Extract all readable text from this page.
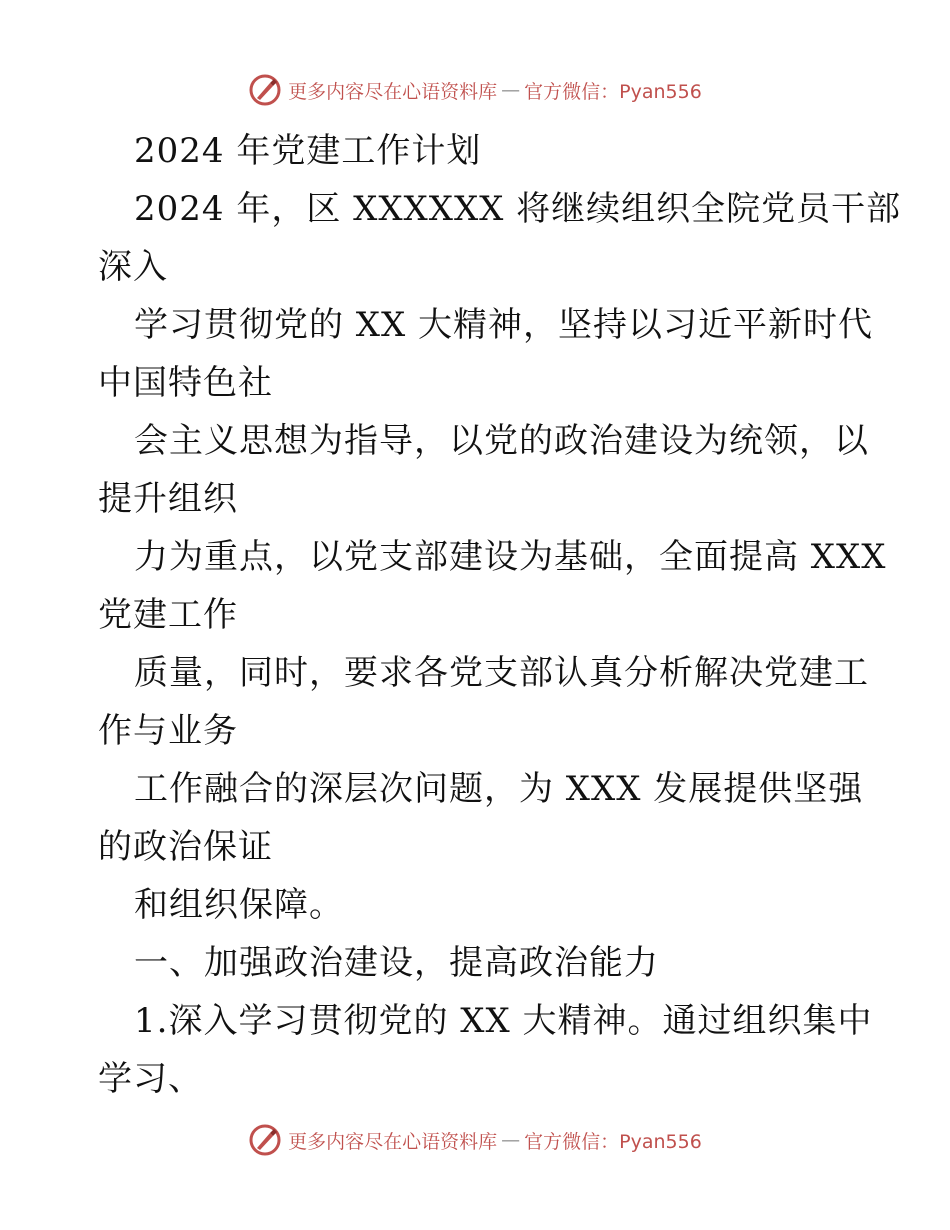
更多内容尽在心语资料库 — 官方微信：Pyan556
2024 年党建工作计划
2024 年，区 XXXXXX 将继续组织全院党员干部
深入
学习贯彻党的 XX 大精神，坚持以习近平新时代
中国特色社
会主义思想为指导，以党的政治建设为统领，以
提升组织
力为重点，以党支部建设为基础，全面提高 XXX
党建工作
质量，同时，要求各党支部认真分析解决党建工
作与业务
工作融合的深层次问题，为 XXX 发展提供坚强
的政治保证
和组织保障。
一、加强政治建设，提高政治能力
1.深入学习贯彻党的 XX 大精神。通过组织集中
学习、
更多内容尽在心语资料库 — 官方微信：Pyan556
